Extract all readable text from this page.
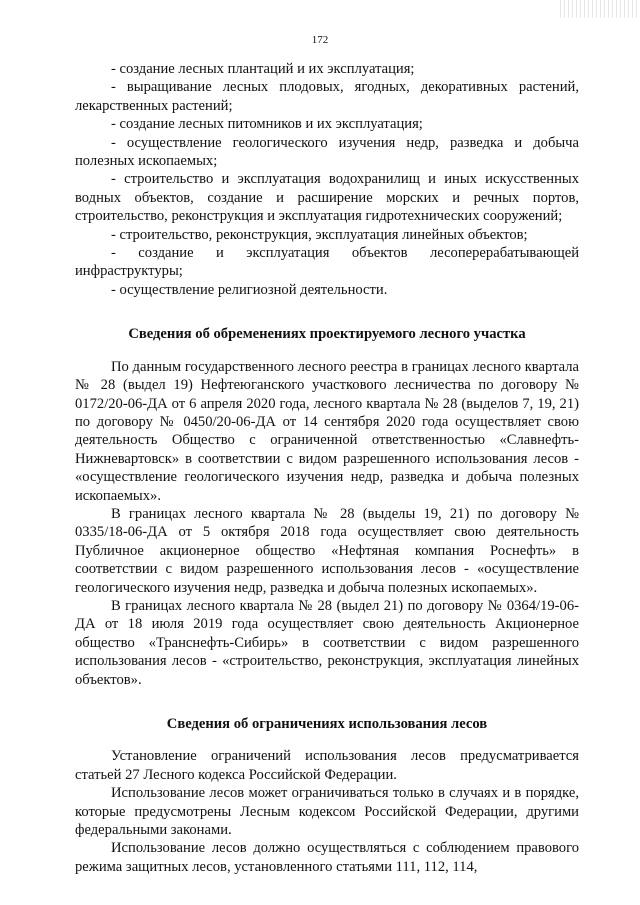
172

- создание лесных плантаций и их эксплуатация;

- выращивание лесных плодовых, ягодных, декоративных растений, лекарственных растений;

- создание лесных питомников и их эксплуатация;

- осуществление геологического изучения недр, разведка и добыча полезных ископаемых;

- строительство и эксплуатация водохранилищ и иных искусственных водных объектов, создание и расширение морских и речных портов, строительство, реконструкция и эксплуатация гидротехнических сооружений;

- строительство, реконструкция, эксплуатация линейных объектов;

- создание и эксплуатация объектов лесоперерабатывающей инфраструктуры;

- осуществление религиозной деятельности.

Сведения об обременениях проектируемого лесного участка

По данным государственного лесного реестра в границах лесного квартала № 28 (выдел 19) Нефтеюганского участкового лесничества по договору № 0172/20-06-ДА от 6 апреля 2020 года, лесного квартала № 28 (выделов 7, 19, 21) по договору № 0450/20-06-ДА от 14 сентября 2020 года осуществляет свою деятельность Общество с ограниченной ответственностью «Славнефть-Нижневартовск» в соответствии с видом разрешенного использования лесов - «осуществление геологического изучения недр, разведка и добыча полезных ископаемых».

В границах лесного квартала № 28 (выделы 19, 21) по договору № 0335/18-06-ДА от 5 октября 2018 года осуществляет свою деятельность Публичное акционерное общество «Нефтяная компания Роснефть» в соответствии с видом разрешенного использования лесов - «осуществление геологического изучения недр, разведка и добыча полезных ископаемых».

В границах лесного квартала № 28 (выдел 21) по договору № 0364/19-06-ДА от 18 июля 2019 года осуществляет свою деятельность Акционерное общество «Транснефть-Сибирь» в соответствии с видом разрешенного использования лесов - «строительство, реконструкция, эксплуатация линейных объектов».

Сведения об ограничениях использования лесов

Установление ограничений использования лесов предусматривается статьей 27 Лесного кодекса Российской Федерации.

Использование лесов может ограничиваться только в случаях и в порядке, которые предусмотрены Лесным кодексом Российской Федерации, другими федеральными законами.

Использование лесов должно осуществляться с соблюдением правового режима защитных лесов, установленного статьями 111, 112, 114,
